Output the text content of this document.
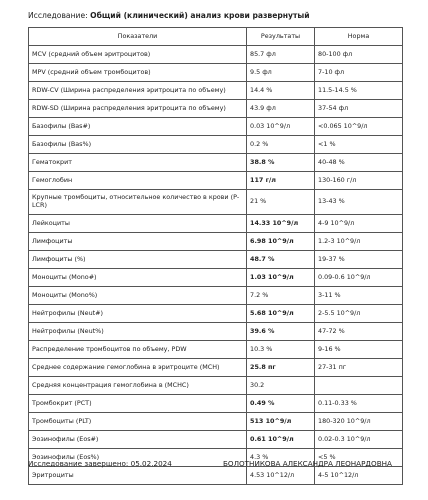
Исследование: Общий (клинический) анализ крови развернутый
Показатели	Результаты	Норма
MCV (средний объем эритроцитов)	85.7 фл	80-100 фл
MPV (средний объем тромбоцитов)	9.5 фл	7-10 фл
RDW-CV (Ширина распределения эритроцита по объему)	14.4 %	11.5-14.5 %
RDW-SD (Ширина распределения эритроцита по объему)	43.9 фл	37-54 фл
Базофилы (Bas#)	0.03 10^9/л	<0.065 10^9/л
Базофилы (Bas%)	0.2 %	<1 %
Гематокрит	38.8 %	40-48 %
Гемоглобин	117 г/л	130-160 г/л
Крупные тромбоциты, относительное количество в крови (P-LCR)	21 %	13-43 %
Лейкоциты	14.33 10^9/л	4-9 10^9/л
Лимфоциты	6.98 10^9/л	1.2-3 10^9/л
Лимфоциты (%)	48.7 %	19-37 %
Моноциты (Mono#)	1.03 10^9/л	0.09-0.6 10^9/л
Моноциты (Mono%)	7.2 %	3-11 %
Нейтрофилы (Neut#)	5.68 10^9/л	2-5.5 10^9/л
Нейтрофилы (Neut%)	39.6 %	47-72 %
Распределение тромбоцитов по объему, PDW	10.3 %	9-16 %
Среднее содержание гемоглобина в эритроците (MCH)	25.8 пг	27-31 пг
Средняя концентрация гемоглобина в (MCHC)	30.2	
Тромбокрит (PCT)	0.49 %	0.11-0.33 %
Тромбоциты (PLT)	513 10^9/л	180-320 10^9/л
Эозинофилы (Eos#)	0.61 10^9/л	0.02-0.3 10^9/л
Эозинофилы (Eos%)	4.3 %	<5 %
Эритроциты	4.53 10^12/л	4-5 10^12/л
Исследование завершено: 05.02.2024	БОЛОТНИКОВА АЛЕКСАНДРА ЛЕОНАРДОВНА
